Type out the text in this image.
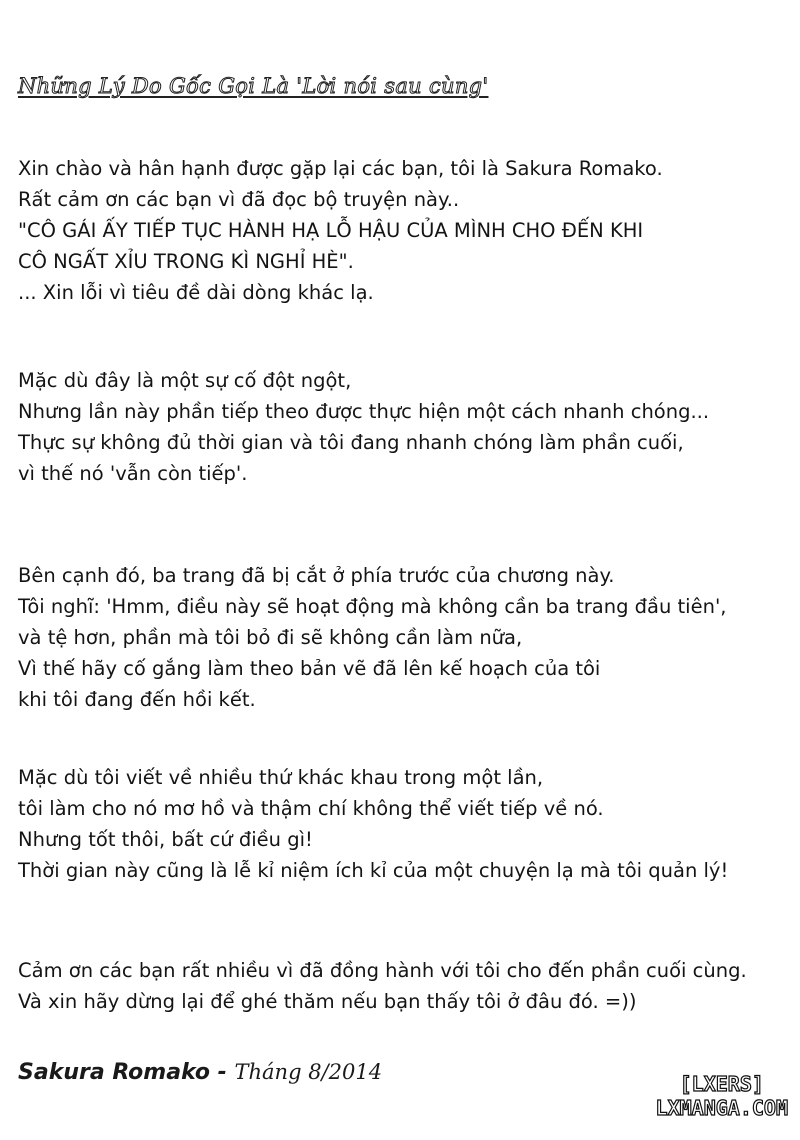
Những Lý Do Gốc Gọi Là 'Lời nói sau cùng'
Xin chào và hân hạnh được gặp lại các bạn, tôi là Sakura Romako.
Rất cảm ơn các bạn vì đã đọc bộ truyện này..
"CÔ GÁI ẤY TIẾP TỤC HÀNH HẠ LỖ HẬU CỦA MÌNH CHO ĐẾN KHI
CÔ NGẤT XỈU TRONG KÌ NGHỈ HÈ".
... Xin lỗi vì tiêu đề dài dòng khác lạ.
Mặc dù đây là một sự cố đột ngột,
Nhưng lần này phần tiếp theo được thực hiện một cách nhanh chóng...
Thực sự không đủ thời gian và tôi đang nhanh chóng làm phần cuối,
vì thế nó 'vẫn còn tiếp'.
Bên cạnh đó, ba trang đã bị cắt ở phía trước của chương này.
Tôi nghĩ: 'Hmm, điều này sẽ hoạt động mà không cần ba trang đầu tiên',
và tệ hơn, phần mà tôi bỏ đi sẽ không cần làm nữa,
Vì thế hãy cố gắng làm theo bản vẽ đã lên kế hoạch của tôi
khi tôi đang đến hồi kết.
Mặc dù tôi viết về nhiều thứ khác khau trong một lần,
tôi làm cho nó mơ hồ và thậm chí không thể viết tiếp về nó.
Nhưng tốt thôi, bất cứ điều gì!
Thời gian này cũng là lễ kỉ niệm ích kỉ của một chuyện lạ mà tôi quản lý!
Cảm ơn các bạn rất nhiều vì đã đồng hành với tôi cho đến phần cuối cùng.
Và xin hãy dừng lại để ghé thăm nếu bạn thấy tôi ở đâu đó. =))
Sakura Romako - Tháng 8/2014	[LXERS]
LXMANGA.COM
